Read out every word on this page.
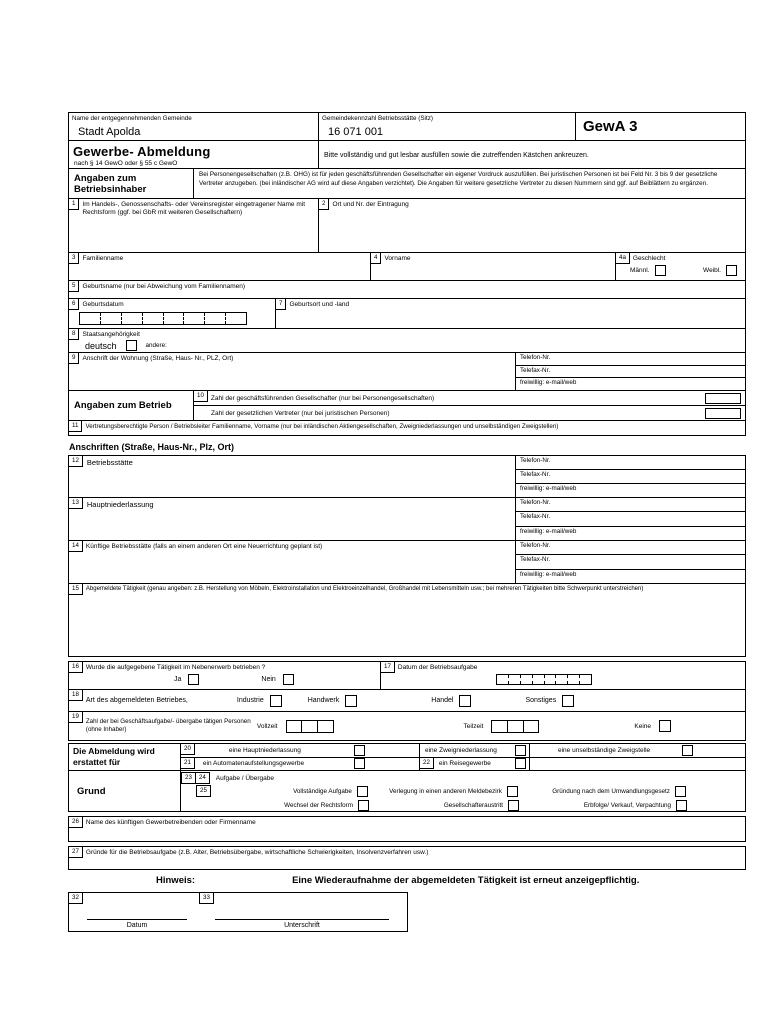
Name der entgegennehmenden Gemeinde
Stadt Apolda
Gemeindekennzahl Betriebsstätte (Sitz)
16 071 001	GewA 3
Gewerbe- Abmeldung
nach § 14 GewO oder § 55 c GewO
Bitte vollständig und gut lesbar ausfüllen sowie die zutreffenden Kästchen ankreuzen.
Angaben zum Betriebsinhaber
Bei Personengesellschaften (z.B. OHG) ist für jeden geschäftsführenden Gesellschafter ein eigener Vordruck auszufüllen. Bei juristischen Personen ist bei Feld Nr. 3 bis 9 der gesetzliche Vertreter anzugeben. (bei inländischer AG wird auf diese Angaben verzichtet). Die Angaben für weitere gesetzliche Vertreter zu diesen Nummern sind ggf. auf Beiblättern zu ergänzen.
1	Im Handels-, Genossenschafts- oder Vereinsregister eingetragener Name mit Rechtsform (ggf. bei GbR mit weiteren Gesellschaftern)
2	Ort und Nr. der Eintragung
3	Familienname	4	Vorname	4a	Geschlecht
Männl.	Weibl.
5	Geburtsname (nur bei Abweichung vom Familiennamen)
6	Geburtsdatum	7	Geburtsort und -land
8	Staatsangehörigkeit
deutsch	andere:
9	Anschrift der Wohnung (Straße, Haus- Nr., PLZ, Ort)	Telefon-Nr.
Telefax-Nr.
freiwillig: e-mail/web
Angaben zum Betrieb
10	Zahl der geschäftsführenden Gesellschafter (nur bei Personengesellschaften)
Zahl der gesetzlichen Vertreter (nur bei juristischen Personen)
11	Vertretungsberechtigte Person / Betriebsleiter Familienname, Vorname (nur bei inländischen Aktiengesellschaften, Zweigniederlassungen und unselbständigen Zweigstellen)
Anschriften (Straße, Haus-Nr., Plz, Ort)
12	Betriebsstätte	Telefon-Nr.
Telefax-Nr.
freiwillig: e-mail/web
13	Hauptniederlassung	Telefon-Nr.
Telefax-Nr.
freiwillig: e-mail/web
14	Künftige Betriebsstätte (falls an einem anderen Ort eine Neuerrichtung geplant ist)	Telefon-Nr.
Telefax-Nr.
freiwillig: e-mail/web
15	Abgemeldete Tätigkeit (genau angeben: z.B. Herstellung von Möbeln, Elektroinstallation und Elektroeinzelhandel, Großhandel mit Lebensmitteln usw.; bei mehreren Tätigkeiten bitte Schwerpunkt unterstreichen)
16	Wurde die aufgegebene Tätigkeit im Nebenerwerb betrieben ?
Ja	Nein
17	Datum der Betriebsaufgabe
18
Art des abgemeldeten Betriebes,	Industrie	Handwerk	Handel	Sonstiges
19
Zahl der bei Geschäftsaufgabe/- übergabe tätigen Personen (ohne Inhaber)	Vollzeit	Teilzeit	Keine
Die Abmeldung wird
erstattet für
20	eine Hauptniederlassung	eine Zweigniederlassung	eine unselbständige Zweigstelle
21	ein Automatenaufstellungsgewerbe	22	ein Reisegewerbe
Grund
23	24	Aufgabe / Übergabe
25	Vollständige Aufgabe	Verlegung in einen anderen Meldebezirk	Gründung nach dem Umwandlungsgesetz
Wechsel der Rechtsform	Gesellschafteraustritt	Erbfolge/ Verkauf, Verpachtung
26	Name des künftigen Gewerbetreibenden oder Firmenname
27	Gründe für die Betriebsaufgabe (z.B. Alter, Betriebsübergabe, wirtschaftliche Schwierigkeiten, Insolvenzverfahren usw.)
Hinweis:	Eine Wiederaufnahme der abgemeldeten Tätigkeit ist erneut anzeigepflichtig.
32	33
Datum	Unterschrift
